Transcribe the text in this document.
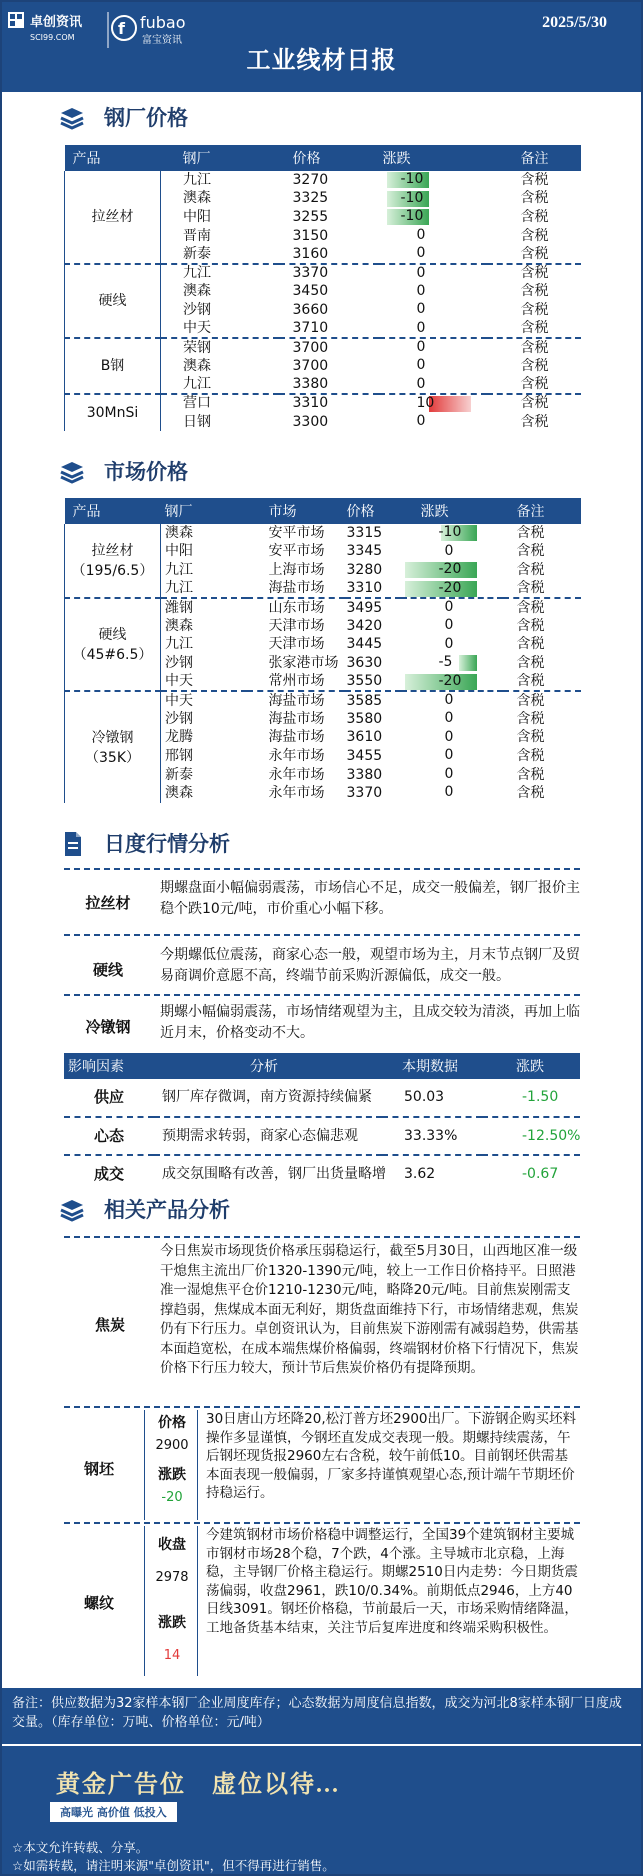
卓创资讯
SCI99.COM	f fubao
富宝资讯
2025/5/30
工业线材日报
钢厂价格
产品	钢厂	价格	涨跌	备注
拉丝材	九江	3270	-10	含税
	澳森	3325	-10	含税
	中阳	3255	-10	含税
	晋南	3150	0	含税
	新泰	3160	0	含税
硬线	九江	3370	0	含税
	澳森	3450	0	含税
	沙钢	3660	0	含税
	中天	3710	0	含税
B钢	荣钢	3700	0	含税
	澳森	3700	0	含税
	九江	3380	0	含税
30MnSi	营口	3310	10	含税
	日钢	3300	0	含税
市场价格
产品	钢厂	市场	价格	涨跌	备注

拉丝材
（195/6.5）	澳森	安平市场	3315	-10	含税
	中阳	安平市场	3345	0	含税
	九江	上海市场	3280	-20	含税
	九江	海盐市场	3310	-20	含税

硬线
（45#6.5）	潍钢	山东市场	3495	0	含税
	澳森	天津市场	3420	0	含税
	九江	天津市场	3445	0	含税
	沙钢	张家港市场	3630	-5	含税
	中天	常州市场	3550	-20	含税

冷镦钢
（35K）	中天	海盐市场	3585	0	含税
	沙钢	海盐市场	3580	0	含税
	龙腾	海盐市场	3610	0	含税
	邢钢	永年市场	3455	0	含税
	新泰	永年市场	3380	0	含税
	澳森	永年市场	3370	0	含税
日度行情分析
拉丝材
期螺盘面小幅偏弱震荡，市场信心不足，成交一般偏差，钢厂报价主稳个跌10元/吨，市价重心小幅下移。
硬线
今期螺低位震荡，商家心态一般，观望市场为主，月末节点钢厂及贸易商调价意愿不高，终端节前采购沂源偏低，成交一般。
冷镦钢
期螺小幅偏弱震荡，市场情绪观望为主，且成交较为清淡，再加上临近月末，价格变动不大。
影响因素	分析	本期数据	涨跌
供应	钢厂库存微调，南方资源持续偏紧	50.03	-1.50
心态	预期需求转弱，商家心态偏悲观	33.33%	-12.50%
成交	成交氛围略有改善，钢厂出货量略增	3.62	-0.67
相关产品分析
焦炭
今日焦炭市场现货价格承压弱稳运行，截至5月30日，山西地区准一级干熄焦主流出厂价1320-1390元/吨，较上一工作日价格持平。日照港准一湿熄焦平仓价1210-1230元/吨，略降20元/吨。目前焦炭刚需支撑趋弱，焦煤成本面无利好，期货盘面维持下行，市场情绪悲观，焦炭仍有下行压力。卓创资讯认为，目前焦炭下游刚需有减弱趋势，供需基本面趋宽松，在成本端焦煤价格偏弱，终端钢材价格下行情况下，焦炭价格下行压力较大，预计节后焦炭价格仍有提降预期。
钢坯
价格
2900
涨跌
-20
30日唐山方坯降20,松汀普方坯2900出厂。下游钢企购买坯料操作多显谨慎，今钢坯直发成交表现一般。期螺持续震荡，午后钢坯现货报2960左右含税，较午前低10。目前钢坯供需基本面表现一般偏弱，厂家多持谨慎观望心态,预计端午节期坯价持稳运行。
螺纹
收盘
2978
涨跌
14
今建筑钢材市场价格稳中调整运行，全国39个建筑钢材主要城市钢材市场28个稳，7个跌，4个涨。主导城市北京稳，上海稳，主导钢厂价格主稳运行。期螺2510日内走势：今日期货震荡偏弱，收盘2961，跌10/0.34%。前期低点2946，上方40日线3091。钢坯价格稳，节前最后一天，市场采购情绪降温，工地备货基本结束，关注节后复库进度和终端采购积极性。
备注：供应数据为32家样本钢厂企业周度库存；心态数据为周度信息指数，成交为河北8家样本钢厂日度成交量。（库存单位：万吨、价格单位：元/吨）
黄金广告位　虚位以待...
高曝光 高价值 低投入
☆本文允许转载、分享。
☆如需转载，请注明来源"卓创资讯"，但不得再进行销售。
